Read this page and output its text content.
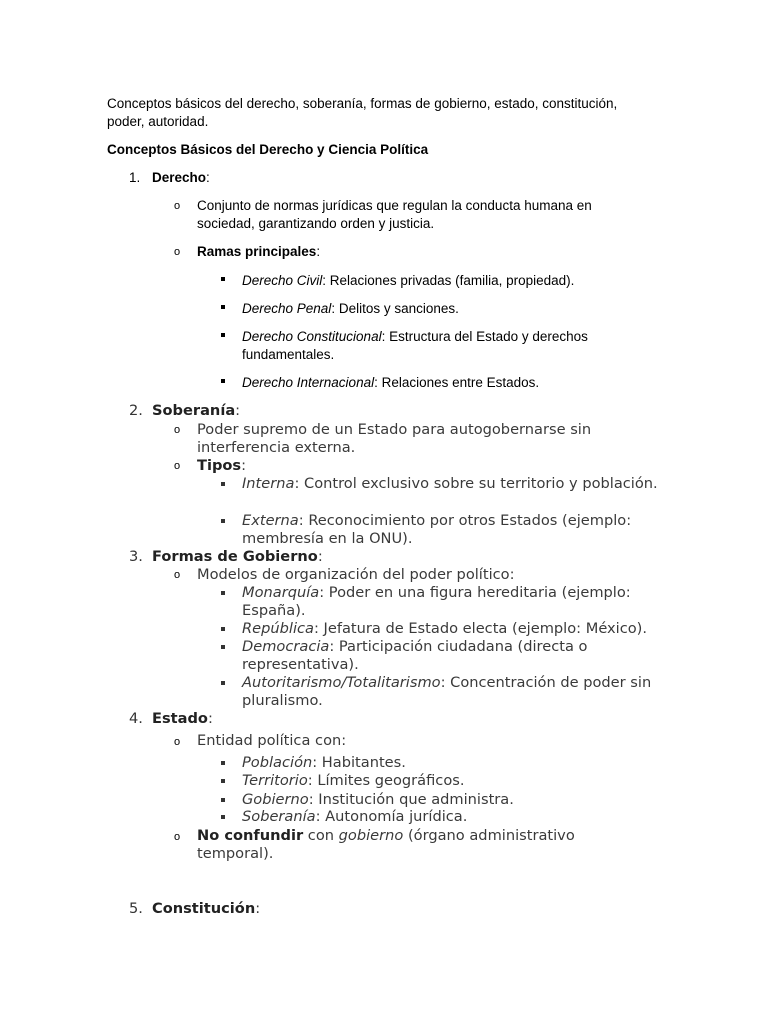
Conceptos básicos del derecho, soberanía, formas de gobierno, estado, constitución, poder, autoridad.

Conceptos Básicos del Derecho y Ciencia Política

1. Derecho:

o Conjunto de normas jurídicas que regulan la conducta humana en sociedad, garantizando orden y justicia.

o Ramas principales:

Derecho Civil: Relaciones privadas (familia, propiedad).

Derecho Penal: Delitos y sanciones.

Derecho Constitucional: Estructura del Estado y derechos fundamentales.

Derecho Internacional: Relaciones entre Estados.

2. Soberanía:

o Poder supremo de un Estado para autogobernarse sin interferencia externa.

o Tipos:

Interna: Control exclusivo sobre su territorio y población.

Externa: Reconocimiento por otros Estados (ejemplo: membresía en la ONU).

3. Formas de Gobierno:

o Modelos de organización del poder político:

Monarquía: Poder en una figura hereditaria (ejemplo: España).

República: Jefatura de Estado electa (ejemplo: México).

Democracia: Participación ciudadana (directa o representativa).

Autoritarismo/Totalitarismo: Concentración de poder sin pluralismo.

4. Estado:

o Entidad política con:

Población: Habitantes.

Territorio: Límites geográficos.

Gobierno: Institución que administra.

Soberanía: Autonomía jurídica.

o No confundir con gobierno (órgano administrativo temporal).

5. Constitución:
